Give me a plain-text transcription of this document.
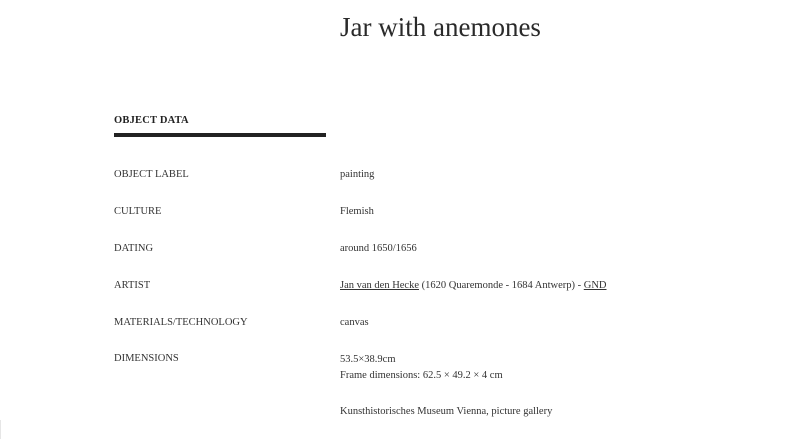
Jar with anemones
OBJECT DATA
OBJECT LABEL	painting
CULTURE	Flemish
DATING	around 1650/1656
ARTIST	Jan van den Hecke (1620 Quaremonde - 1684 Antwerp) - GND
MATERIALS/TECHNOLOGY	canvas
DIMENSIONS	53.5×38.9cm
Frame dimensions: 62.5 × 49.2 × 4 cm
Kunsthistorisches Museum Vienna, picture gallery
